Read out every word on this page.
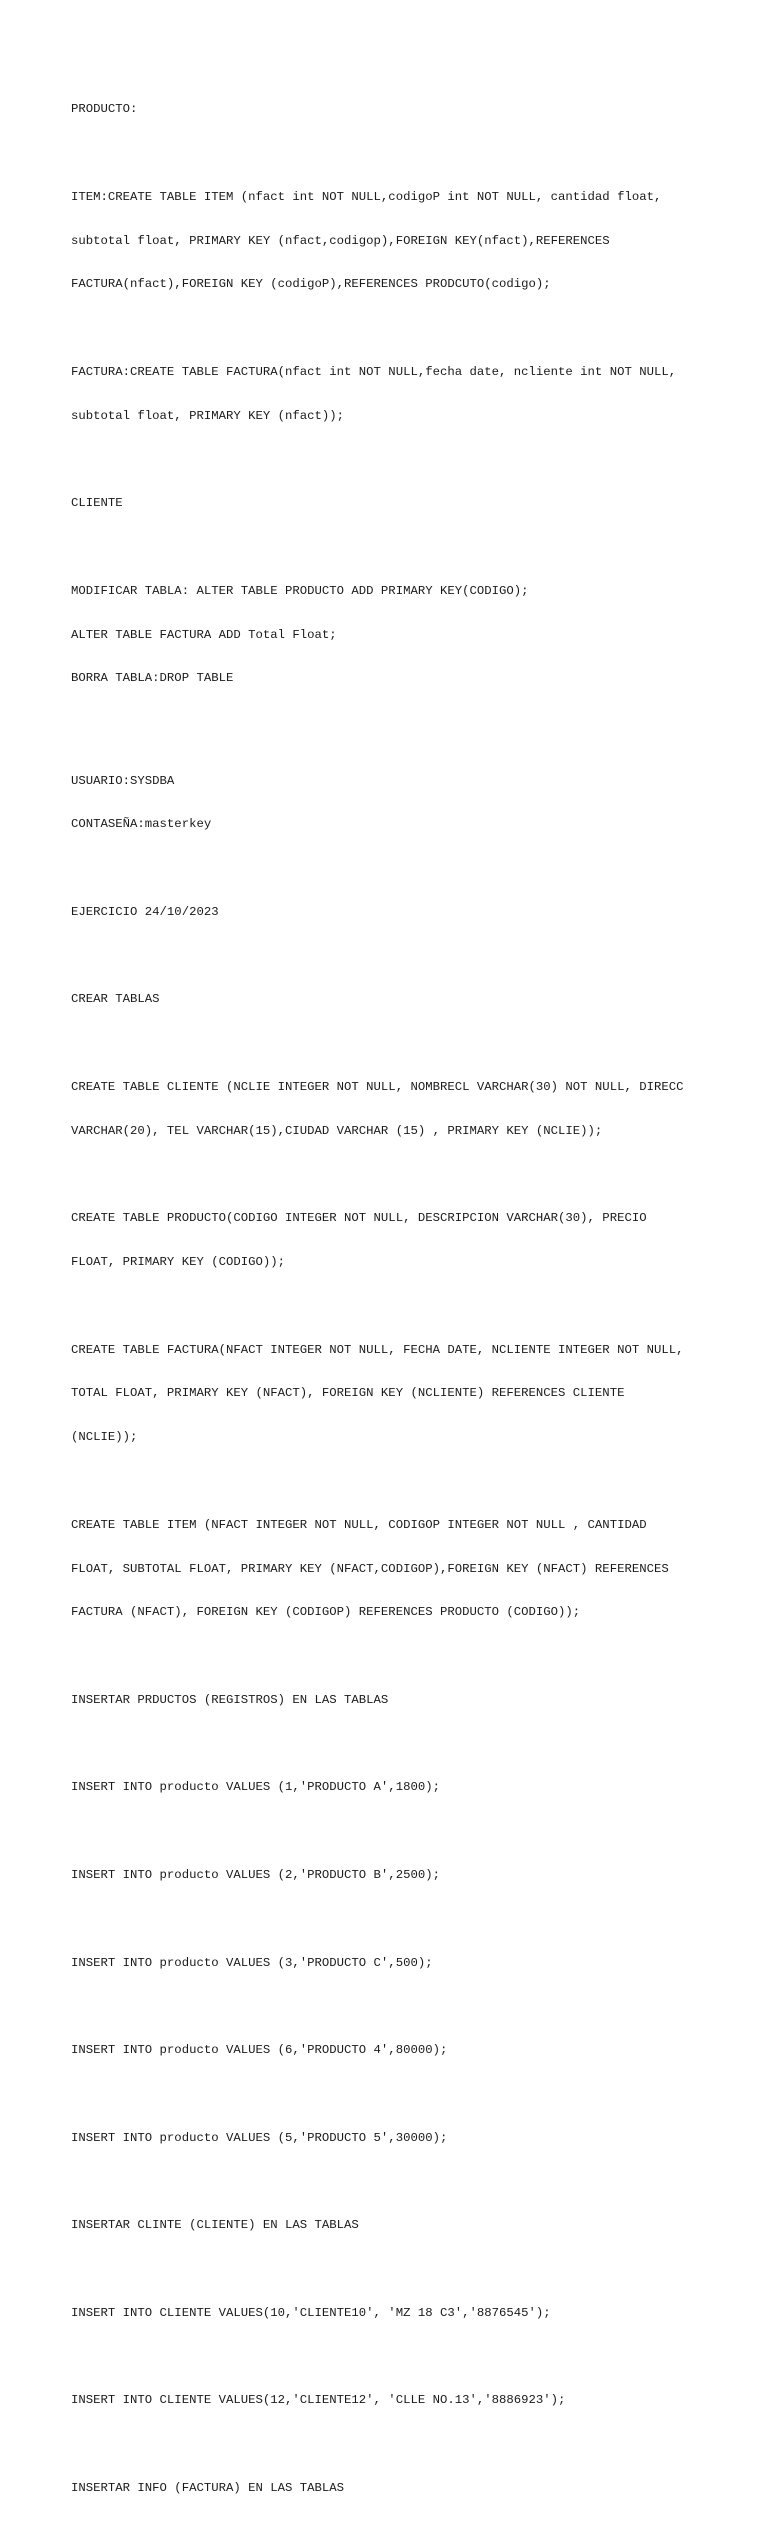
PRODUCTO:

ITEM:CREATE TABLE ITEM (nfact int NOT NULL,codigoP int NOT NULL, cantidad float,

subtotal float, PRIMARY KEY (nfact,codigop),FOREIGN KEY(nfact),REFERENCES

FACTURA(nfact),FOREIGN KEY (codigoP),REFERENCES PRODCUTO(codigo);

FACTURA:CREATE TABLE FACTURA(nfact int NOT NULL,fecha date, ncliente int NOT NULL,

subtotal float, PRIMARY KEY (nfact));

CLIENTE

MODIFICAR TABLA: ALTER TABLE PRODUCTO ADD PRIMARY KEY(CODIGO);

ALTER TABLE FACTURA ADD Total Float;

BORRA TABLA:DROP TABLE

USUARIO:SYSDBA

CONTASEÑA:masterkey

EJERCICIO 24/10/2023

CREAR TABLAS

CREATE TABLE CLIENTE (NCLIE INTEGER NOT NULL, NOMBRECL VARCHAR(30) NOT NULL, DIRECC

VARCHAR(20), TEL VARCHAR(15),CIUDAD VARCHAR (15) , PRIMARY KEY (NCLIE));

CREATE TABLE PRODUCTO(CODIGO INTEGER NOT NULL, DESCRIPCION VARCHAR(30), PRECIO

FLOAT, PRIMARY KEY (CODIGO));

CREATE TABLE FACTURA(NFACT INTEGER NOT NULL, FECHA DATE, NCLIENTE INTEGER NOT NULL,

TOTAL FLOAT, PRIMARY KEY (NFACT), FOREIGN KEY (NCLIENTE) REFERENCES CLIENTE

(NCLIE));

CREATE TABLE ITEM (NFACT INTEGER NOT NULL, CODIGOP INTEGER NOT NULL , CANTIDAD

FLOAT, SUBTOTAL FLOAT, PRIMARY KEY (NFACT,CODIGOP),FOREIGN KEY (NFACT) REFERENCES

FACTURA (NFACT), FOREIGN KEY (CODIGOP) REFERENCES PRODUCTO (CODIGO));

INSERTAR PRDUCTOS (REGISTROS) EN LAS TABLAS

INSERT INTO producto VALUES (1,'PRODUCTO A',1800);

INSERT INTO producto VALUES (2,'PRODUCTO B',2500);

INSERT INTO producto VALUES (3,'PRODUCTO C',500);

INSERT INTO producto VALUES (6,'PRODUCTO 4',80000);

INSERT INTO producto VALUES (5,'PRODUCTO 5',30000);

INSERTAR CLINTE (CLIENTE) EN LAS TABLAS

INSERT INTO CLIENTE VALUES(10,'CLIENTE10', 'MZ 18 C3','8876545');

INSERT INTO CLIENTE VALUES(12,'CLIENTE12', 'CLLE NO.13','8886923');

INSERTAR INFO (FACTURA) EN LAS TABLAS
